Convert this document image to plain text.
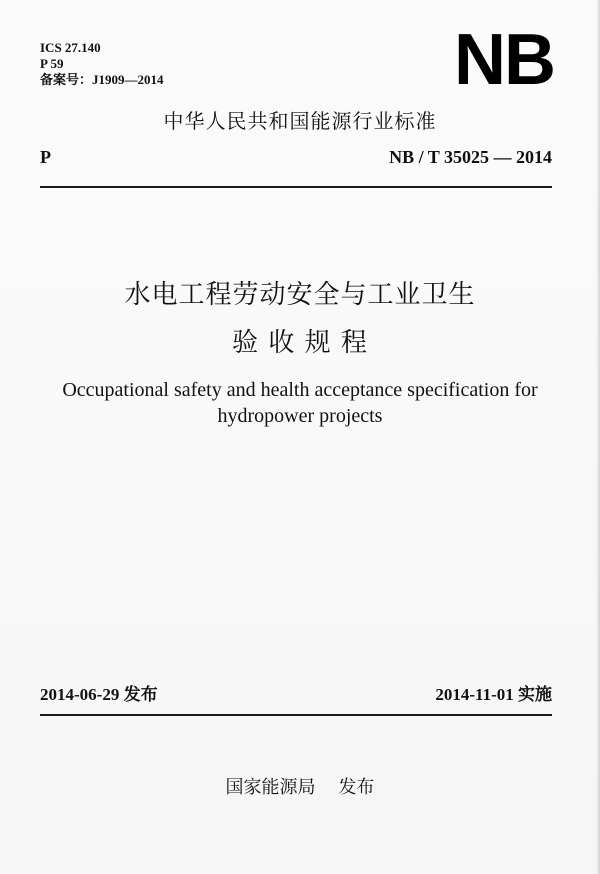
ICS 27.140
P 59
备案号：J1909—2014	NB
中华人民共和国能源行业标准
P	NB / T 35025 — 2014
水电工程劳动安全与工业卫生
验 收 规 程
Occupational safety and health acceptance specification for
hydropower projects
2014-06-29 发布	2014-11-01 实施
国家能源局    发布
